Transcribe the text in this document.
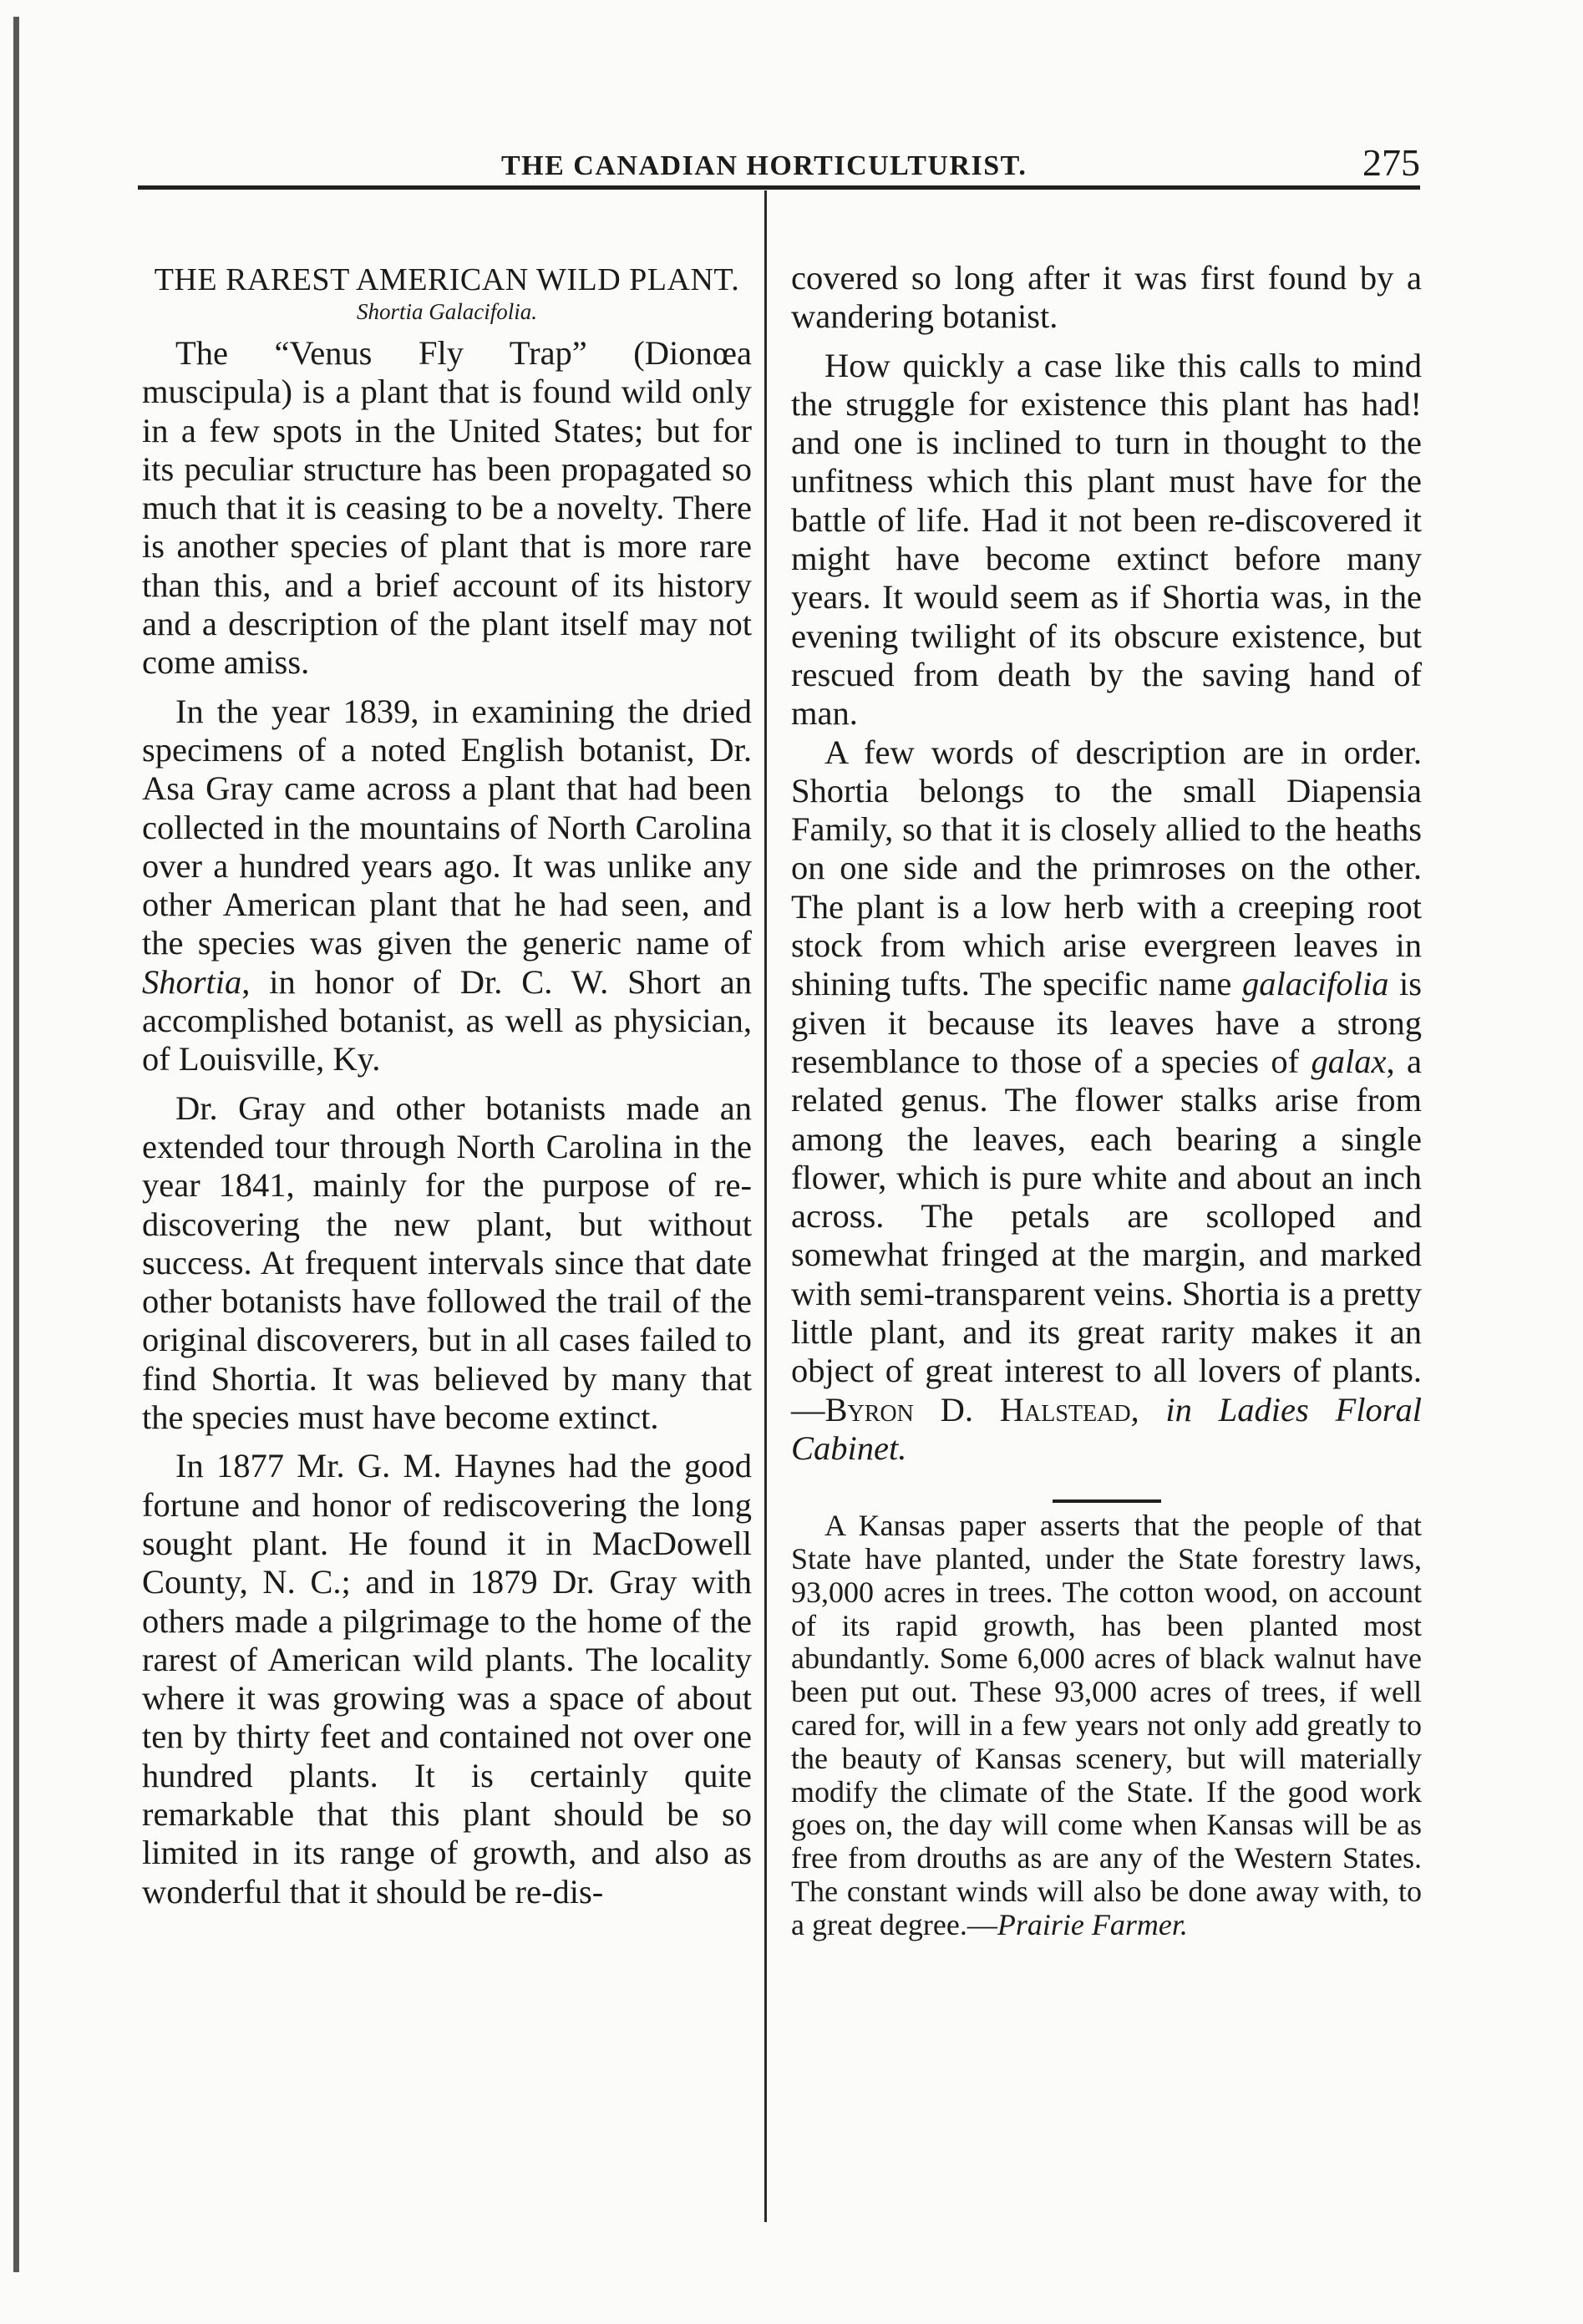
THE CANADIAN HORTICULTURIST.	275
THE RAREST AMERICAN WILD PLANT.
Shortia Galacifolia.

The “Venus Fly Trap” (Dionœa muscipula) is a plant that is found wild only in a few spots in the United States; but for its peculiar structure has been propagated so much that it is ceasing to be a novelty. There is another species of plant that is more rare than this, and a brief account of its history and a description of the plant itself may not come amiss.

In the year 1839, in examining the dried specimens of a noted English botanist, Dr. Asa Gray came across a plant that had been collected in the mountains of North Carolina over a hundred years ago. It was unlike any other American plant that he had seen, and the species was given the generic name of Shortia, in honor of Dr. C. W. Short an accomplished botanist, as well as physician, of Louisville, Ky.

Dr. Gray and other botanists made an extended tour through North Carolina in the year 1841, mainly for the purpose of re-discovering the new plant, but without success. At frequent intervals since that date other botanists have followed the trail of the original discoverers, but in all cases failed to find Shortia. It was believed by many that the species must have become extinct.

In 1877 Mr. G. M. Haynes had the good fortune and honor of rediscovering the long sought plant. He found it in MacDowell County, N. C.; and in 1879 Dr. Gray with others made a pilgrimage to the home of the rarest of American wild plants. The locality where it was growing was a space of about ten by thirty feet and contained not over one hundred plants. It is certainly quite remarkable that this plant should be so limited in its range of growth, and also as wonderful that it should be re-dis-

covered so long after it was first found by a wandering botanist.

How quickly a case like this calls to mind the struggle for existence this plant has had! and one is inclined to turn in thought to the unfitness which this plant must have for the battle of life. Had it not been re-discovered it might have become extinct before many years. It would seem as if Shortia was, in the evening twilight of its obscure existence, but rescued from death by the saving hand of man.

A few words of description are in order. Shortia belongs to the small Diapensia Family, so that it is closely allied to the heaths on one side and the primroses on the other. The plant is a low herb with a creeping root stock from which arise evergreen leaves in shining tufts. The specific name galacifolia is given it because its leaves have a strong resemblance to those of a species of galax, a related genus. The flower stalks arise from among the leaves, each bearing a single flower, which is pure white and about an inch across. The petals are scolloped and somewhat fringed at the margin, and marked with semi-transparent veins. Shortia is a pretty little plant, and its great rarity makes it an object of great interest to all lovers of plants.—Byron D. Halstead, in Ladies Floral Cabinet.

A Kansas paper asserts that the people of that State have planted, under the State forestry laws, 93,000 acres in trees. The cotton wood, on account of its rapid growth, has been planted most abundantly. Some 6,000 acres of black walnut have been put out. These 93,000 acres of trees, if well cared for, will in a few years not only add greatly to the beauty of Kansas scenery, but will materially modify the climate of the State. If the good work goes on, the day will come when Kansas will be as free from drouths as are any of the Western States. The constant winds will also be done away with, to a great degree.—Prairie Farmer.
